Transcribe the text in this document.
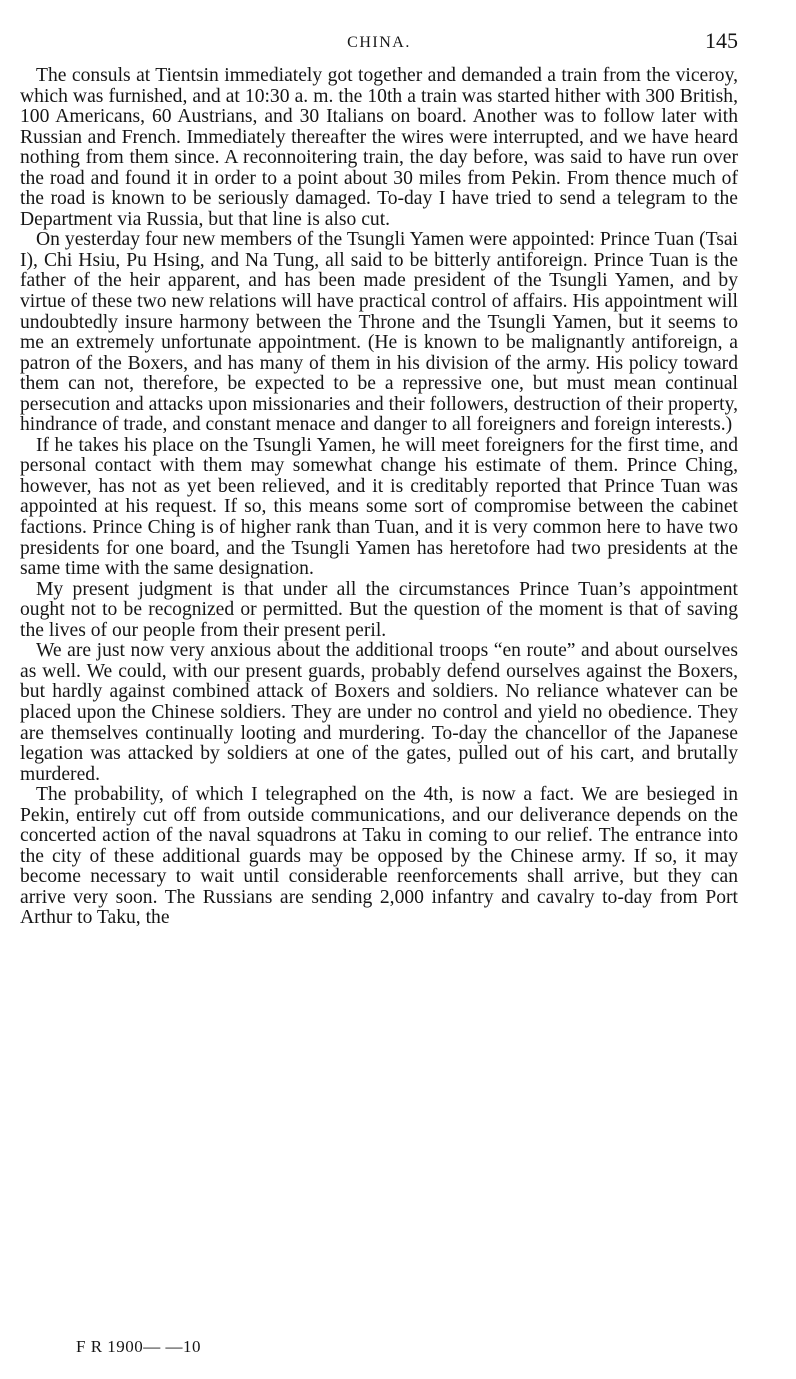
CHINA.	145

The consuls at Tientsin immediately got together and demanded a train from the viceroy, which was furnished, and at 10:30 a. m. the 10th a train was started hither with 300 British, 100 Americans, 60 Austrians, and 30 Italians on board. Another was to follow later with Russian and French. Immediately thereafter the wires were interrupted, and we have heard nothing from them since. A reconnoitering train, the day before, was said to have run over the road and found it in order to a point about 30 miles from Pekin. From thence much of the road is known to be seriously damaged. To-day I have tried to send a telegram to the Department via Russia, but that line is also cut.

On yesterday four new members of the Tsungli Yamen were appointed: Prince Tuan (Tsai I), Chi Hsiu, Pu Hsing, and Na Tung, all said to be bitterly antiforeign. Prince Tuan is the father of the heir apparent, and has been made president of the Tsungli Yamen, and by virtue of these two new relations will have practical control of affairs. His appointment will undoubtedly insure harmony between the Throne and the Tsungli Yamen, but it seems to me an extremely unfortunate appointment. (He is known to be malignantly antiforeign, a patron of the Boxers, and has many of them in his division of the army. His policy toward them can not, therefore, be expected to be a repressive one, but must mean continual persecution and attacks upon missionaries and their followers, destruction of their property, hindrance of trade, and constant menace and danger to all foreigners and foreign interests.)

If he takes his place on the Tsungli Yamen, he will meet foreigners for the first time, and personal contact with them may somewhat change his estimate of them. Prince Ching, however, has not as yet been relieved, and it is creditably reported that Prince Tuan was appointed at his request. If so, this means some sort of compromise between the cabinet factions. Prince Ching is of higher rank than Tuan, and it is very common here to have two presidents for one board, and the Tsungli Yamen has heretofore had two presidents at the same time with the same designation.

My present judgment is that under all the circumstances Prince Tuan’s appointment ought not to be recognized or permitted. But the question of the moment is that of saving the lives of our people from their present peril.

We are just now very anxious about the additional troops “en route” and about ourselves as well. We could, with our present guards, probably defend ourselves against the Boxers, but hardly against combined attack of Boxers and soldiers. No reliance whatever can be placed upon the Chinese soldiers. They are under no control and yield no obedience. They are themselves continually looting and murdering. To-day the chancellor of the Japanese legation was attacked by soldiers at one of the gates, pulled out of his cart, and brutally murdered.

The probability, of which I telegraphed on the 4th, is now a fact. We are besieged in Pekin, entirely cut off from outside communications, and our deliverance depends on the concerted action of the naval squadrons at Taku in coming to our relief. The entrance into the city of these additional guards may be opposed by the Chinese army. If so, it may become necessary to wait until considerable reenforcements shall arrive, but they can arrive very soon. The Russians are sending 2,000 infantry and cavalry to-day from Port Arthur to Taku, the

F R 1900— —10
